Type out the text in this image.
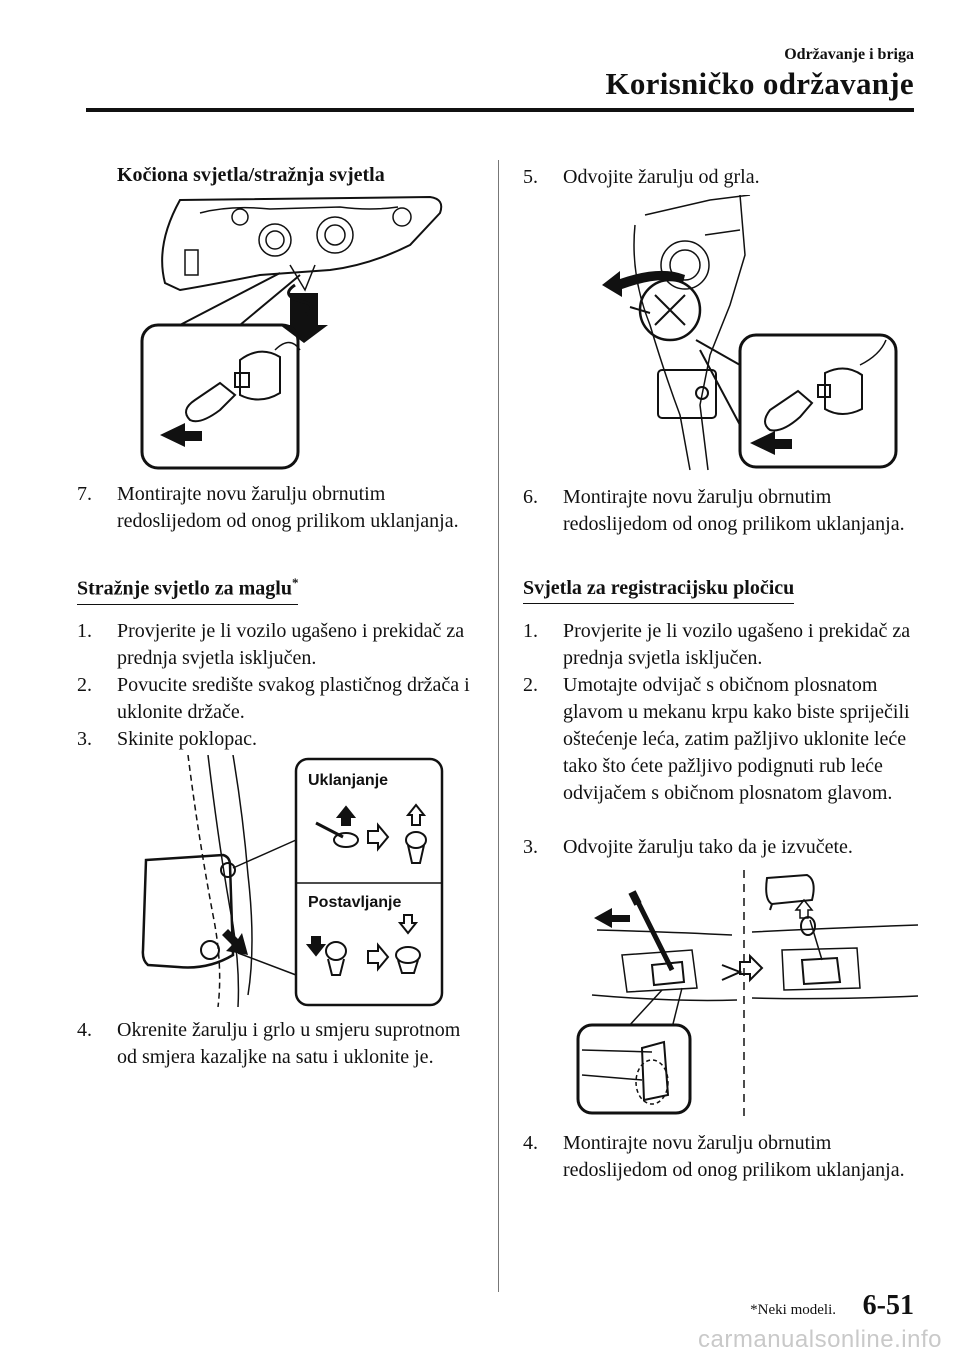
Održavanje i briga
Korisničko održavanje
Kočiona svjetla/stražnja svjetla
7.	Montirajte novu žarulju obrnutim redoslijedom od onog prilikom uklanjanja.
Stražnje svjetlo za maglu*
1.	Provjerite je li vozilo ugašeno i prekidač za prednja svjetla isključen.
2.	Povucite središte svakog plastičnog držača i uklonite držače.
3.	Skinite poklopac.
Uklanjanje
Postavljanje
4.	Okrenite žarulju i grlo u smjeru suprotnom od smjera kazaljke na satu i uklonite je.
5.	Odvojite žarulju od grla.
6.	Montirajte novu žarulju obrnutim redoslijedom od onog prilikom uklanjanja.
Svjetla za registracijsku pločicu
1.	Provjerite je li vozilo ugašeno i prekidač za prednja svjetla isključen.
2.	Umotajte odvijač s običnom plosnatom glavom u mekanu krpu kako biste spriječili oštećenje leća, zatim pažljivo uklonite leće tako što ćete pažljivo podignuti rub leće odvijačem s običnom plosnatom glavom.
3.	Odvojite žarulju tako da je izvučete.
4.	Montirajte novu žarulju obrnutim redoslijedom od onog prilikom uklanjanja.
*Neki modeli. 6-51
carmanualsonline.info
